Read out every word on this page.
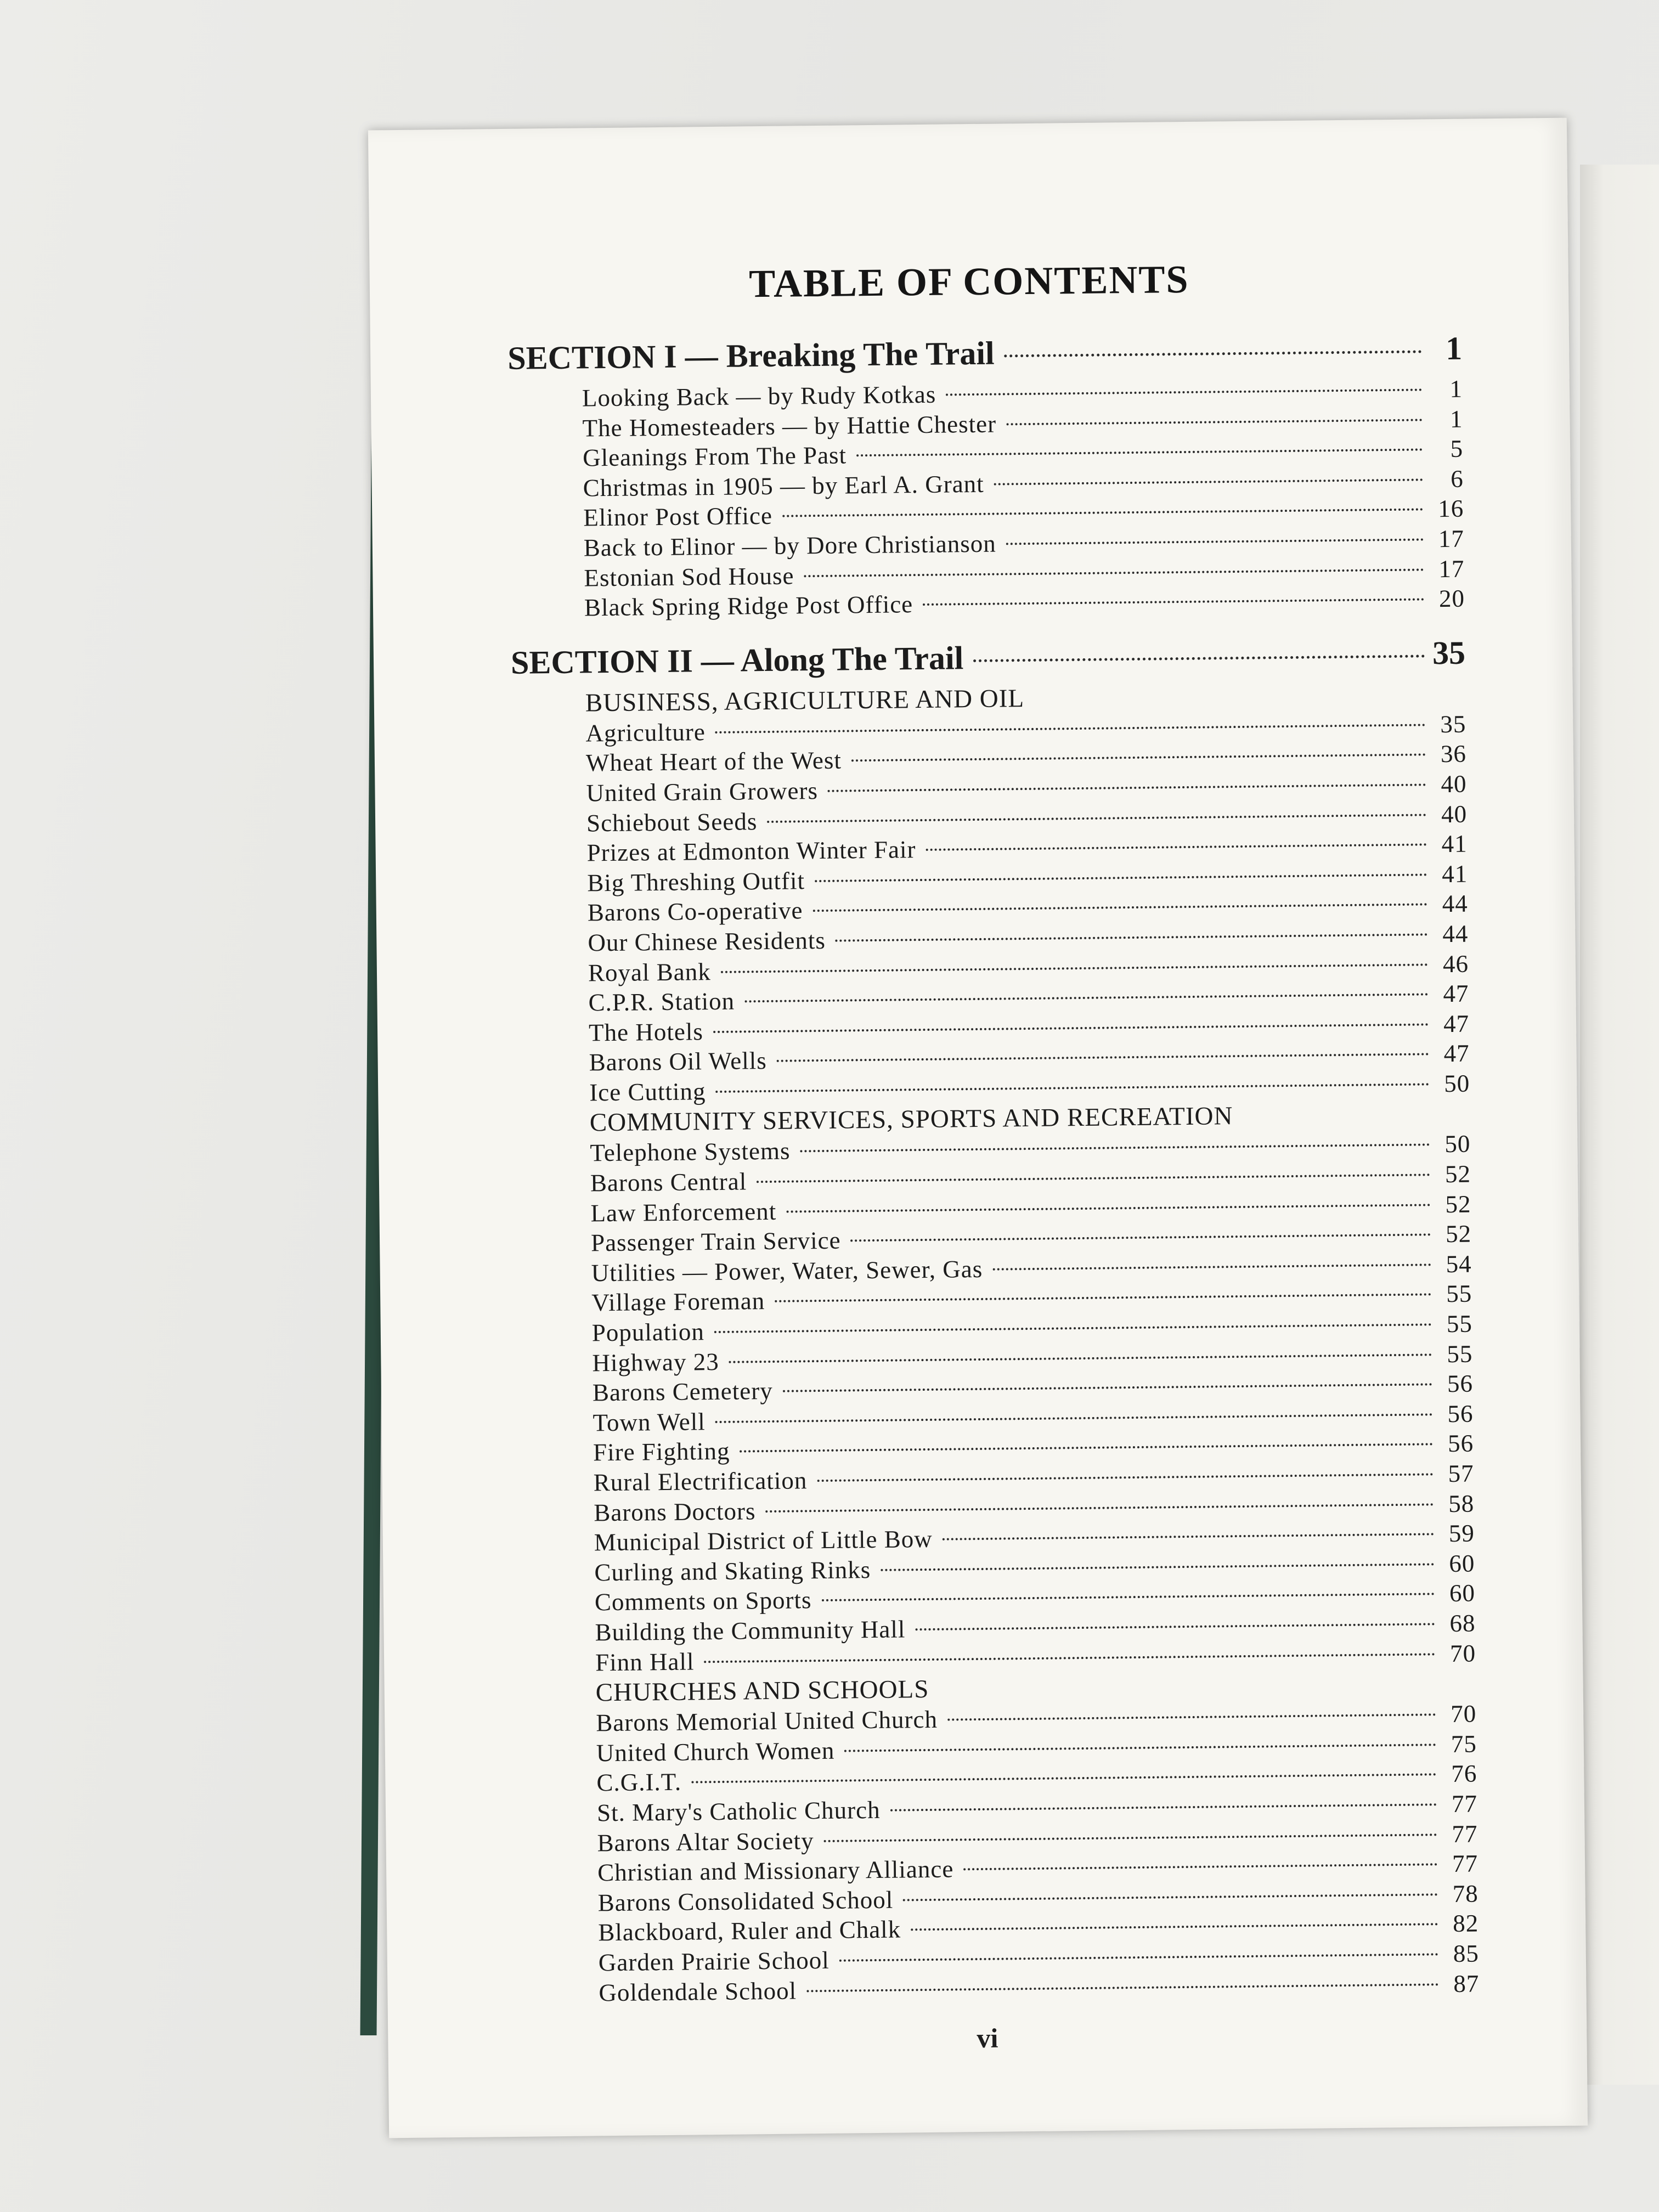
TABLE OF CONTENTS
SECTION I — Breaking The Trail	1
Looking Back — by Rudy Kotkas	1
The Homesteaders — by Hattie Chester	1
Gleanings From The Past	5
Christmas in 1905 — by Earl A. Grant	6
Elinor Post Office	16
Back to Elinor — by Dore Christianson	17
Estonian Sod House	17
Black Spring Ridge Post Office	20
SECTION II — Along The Trail	35
BUSINESS, AGRICULTURE AND OIL
Agriculture	35
Wheat Heart of the West	36
United Grain Growers	40
Schiebout Seeds	40
Prizes at Edmonton Winter Fair	41
Big Threshing Outfit	41
Barons Co-operative	44
Our Chinese Residents	44
Royal Bank	46
C.P.R. Station	47
The Hotels	47
Barons Oil Wells	47
Ice Cutting	50
COMMUNITY SERVICES, SPORTS AND RECREATION
Telephone Systems	50
Barons Central	52
Law Enforcement	52
Passenger Train Service	52
Utilities — Power, Water, Sewer, Gas	54
Village Foreman	55
Population	55
Highway 23	55
Barons Cemetery	56
Town Well	56
Fire Fighting	56
Rural Electrification	57
Barons Doctors	58
Municipal District of Little Bow	59
Curling and Skating Rinks	60
Comments on Sports	60
Building the Community Hall	68
Finn Hall	70
CHURCHES AND SCHOOLS
Barons Memorial United Church	70
United Church Women	75
C.G.I.T.	76
St. Mary's Catholic Church	77
Barons Altar Society	77
Christian and Missionary Alliance	77
Barons Consolidated School	78
Blackboard, Ruler and Chalk	82
Garden Prairie School	85
Goldendale School	87
vi
